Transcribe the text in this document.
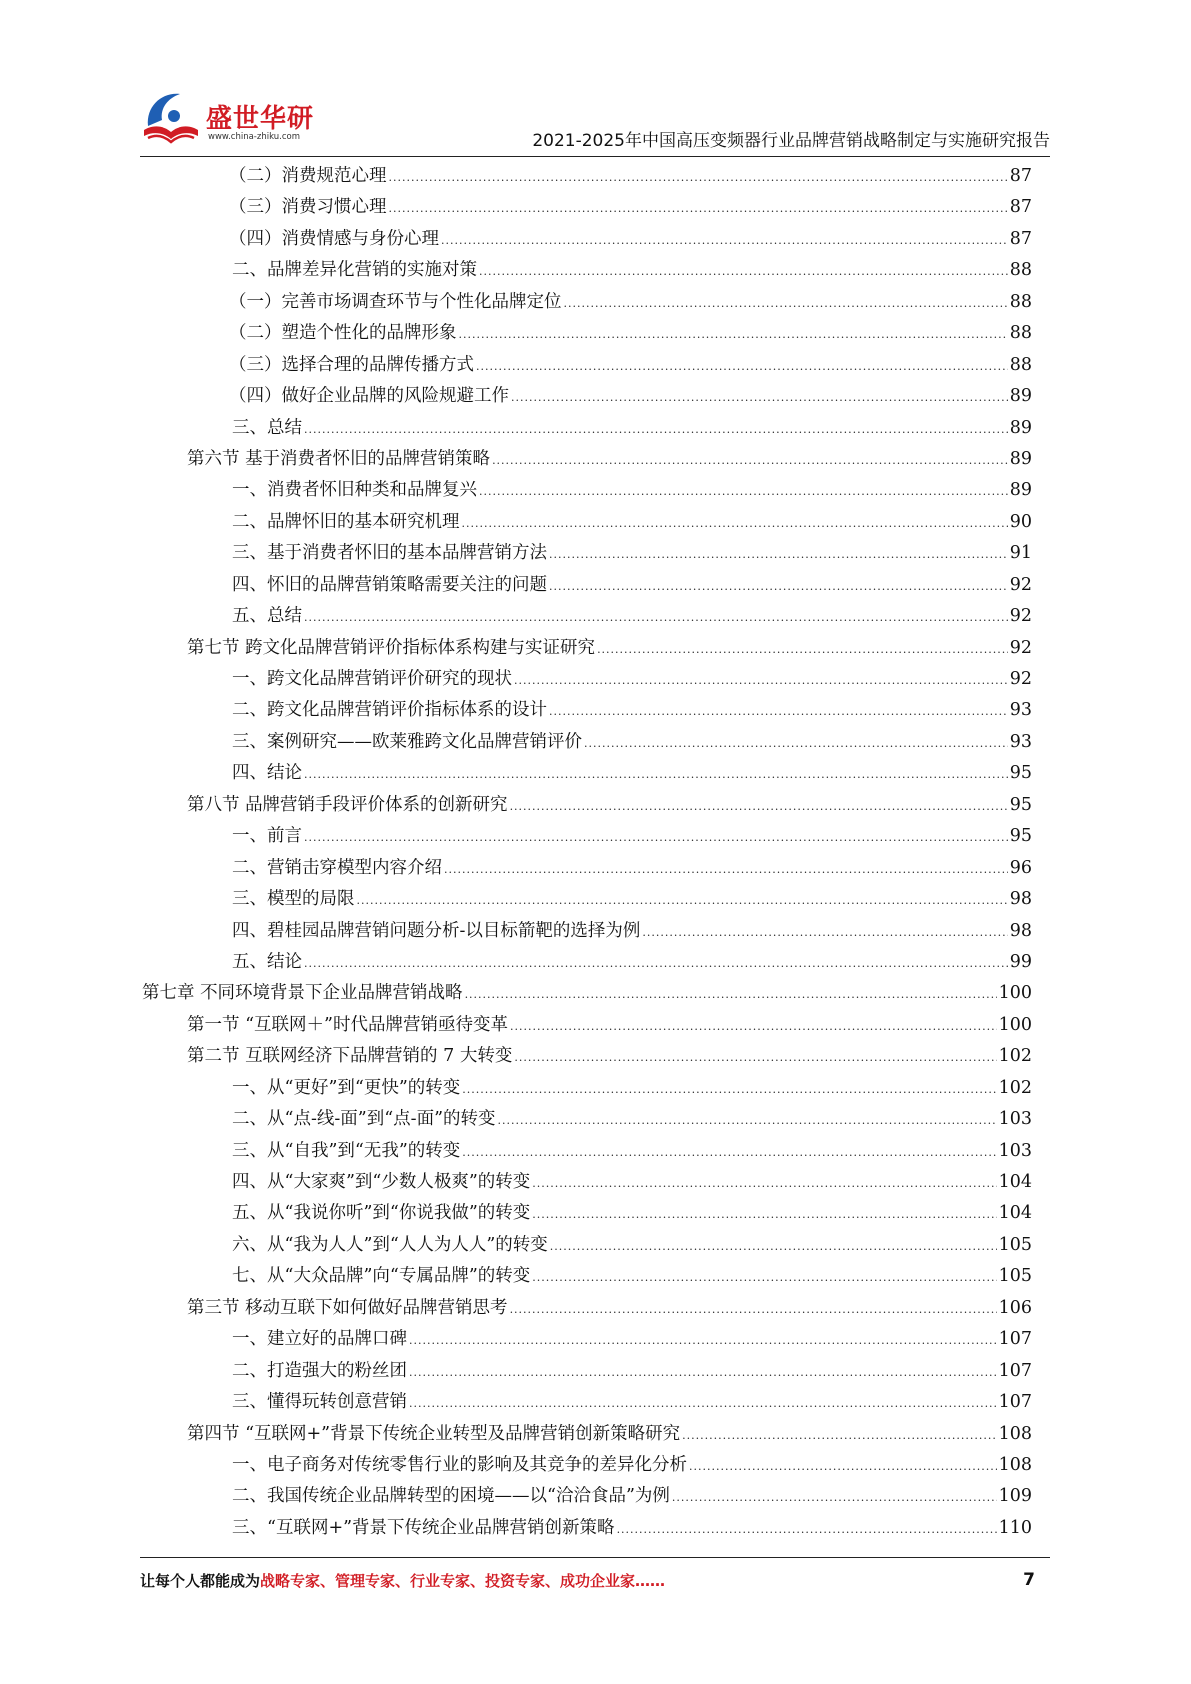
盛世华研
www.china-zhiku.com	2021-2025年中国高压变频器行业品牌营销战略制定与实施研究报告
（二）消费规范心理 .....	87
（三）消费习惯心理 .....	87
（四）消费情感与身份心理 .....	87
二、品牌差异化营销的实施对策 .....	88
（一）完善市场调查环节与个性化品牌定位 .....	88
（二）塑造个性化的品牌形象 .....	88
（三）选择合理的品牌传播方式 .....	88
（四）做好企业品牌的风险规避工作 .....	89
三、总结 .....	89
第六节 基于消费者怀旧的品牌营销策略 .....	89
一、消费者怀旧种类和品牌复兴 .....	89
二、品牌怀旧的基本研究机理 .....	90
三、基于消费者怀旧的基本品牌营销方法 .....	91
四、怀旧的品牌营销策略需要关注的问题 .....	92
五、总结 .....	92
第七节 跨文化品牌营销评价指标体系构建与实证研究 .....	92
一、跨文化品牌营销评价研究的现状 .....	92
二、跨文化品牌营销评价指标体系的设计 .....	93
三、案例研究——欧莱雅跨文化品牌营销评价 .....	93
四、结论 .....	95
第八节 品牌营销手段评价体系的创新研究 .....	95
一、前言 .....	95
二、营销击穿模型内容介绍 .....	96
三、模型的局限 .....	98
四、碧桂园品牌营销问题分析-以目标箭靶的选择为例 .....	98
五、结论 .....	99
第七章 不同环境背景下企业品牌营销战略 .....	100
第一节 “互联网＋”时代品牌营销亟待变革 .....	100
第二节 互联网经济下品牌营销的 7 大转变 .....	102
一、从“更好”到“更快”的转变 .....	102
二、从“点-线-面”到“点-面”的转变 .....	103
三、从“自我”到“无我”的转变 .....	103
四、从“大家爽”到“少数人极爽”的转变 .....	104
五、从“我说你听”到“你说我做”的转变 .....	104
六、从“我为人人”到“人人为人人”的转变 .....	105
七、从“大众品牌”向“专属品牌”的转变 .....	105
第三节 移动互联下如何做好品牌营销思考 .....	106
一、建立好的品牌口碑 .....	107
二、打造强大的粉丝团 .....	107
三、懂得玩转创意营销 .....	107
第四节 “互联网+”背景下传统企业转型及品牌营销创新策略研究 .....	108
一、电子商务对传统零售行业的影响及其竞争的差异化分析 .....	108
二、我国传统企业品牌转型的困境——以“洽洽食品”为例 .....	109
三、“互联网+”背景下传统企业品牌营销创新策略 .....	110
让每个人都能成为战略专家、管理专家、行业专家、投资专家、成功企业家……	7
